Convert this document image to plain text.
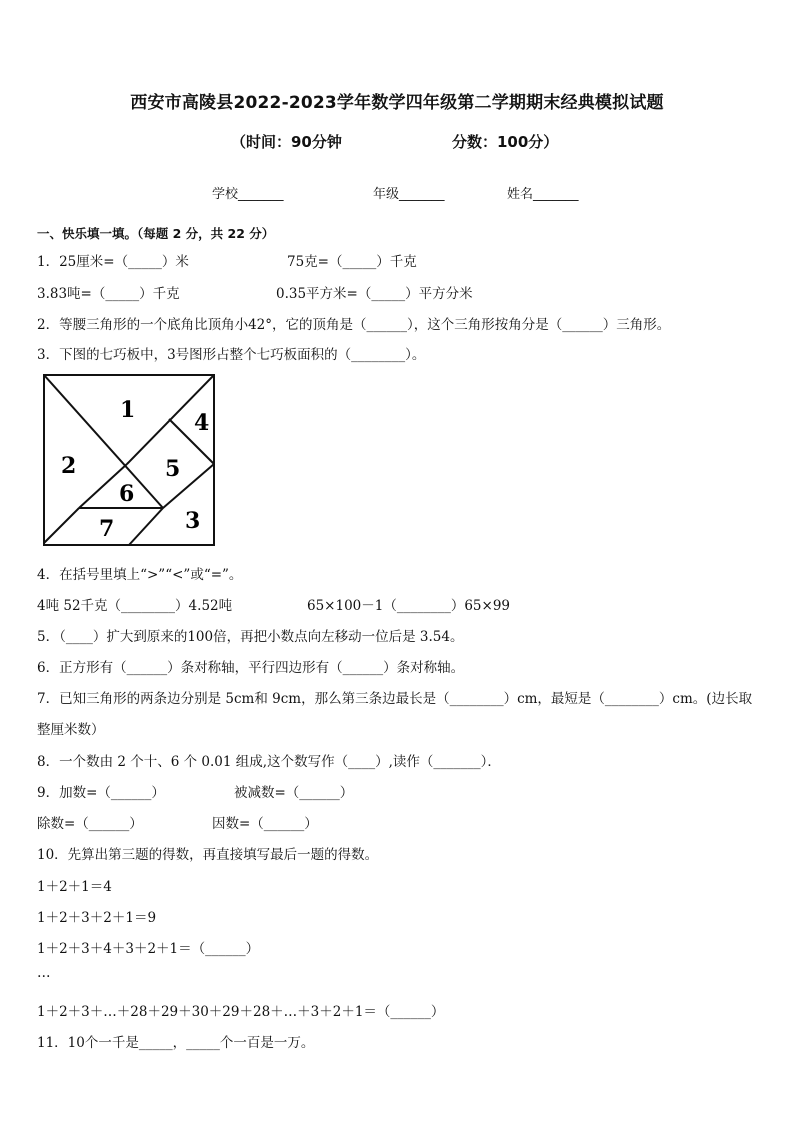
西安市高陵县2022-2023学年数学四年级第二学期期末经典模拟试题
（时间：90分钟	分数：100分）
学校_______	年级_______	姓名_______
一、快乐填一填。（每题 2 分，共 22 分）
1．25厘米=（_____）米	75克=（_____）千克
3.83吨=（_____）千克	0.35平方米=（_____）平方分米
2．等腰三角形的一个底角比顶角小42°，它的顶角是（______），这个三角形按角分是（______）三角形。
3．下图的七巧板中，3号图形占整个七巧板面积的（________）。
1
2
3
4
5
6
7
4．在括号里填上“>”“<”或“=”。
4吨 52千克（________）4.52吨	65×100－1（________）65×99
5．（____）扩大到原来的100倍，再把小数点向左移动一位后是 3.54。
6．正方形有（______）条对称轴，平行四边形有（______）条对称轴。
7．已知三角形的两条边分别是 5cm和 9cm，那么第三条边最长是（________）cm，最短是（________）cm。(边长取
整厘米数）
8．一个数由 2 个十、6 个 0.01 组成,这个数写作（____）,读作（_______）．
9．加数=（______）	被减数=（______）
除数=（______）	因数=（______）
10．先算出第三题的得数，再直接填写最后一题的得数。
1＋2＋1＝4
1＋2＋3＋2＋1＝9
1＋2＋3＋4＋3＋2＋1＝（______）
…
1＋2＋3＋…＋28＋29＋30＋29＋28＋…＋3＋2＋1＝（______）
11．10个一千是_____，_____个一百是一万。
